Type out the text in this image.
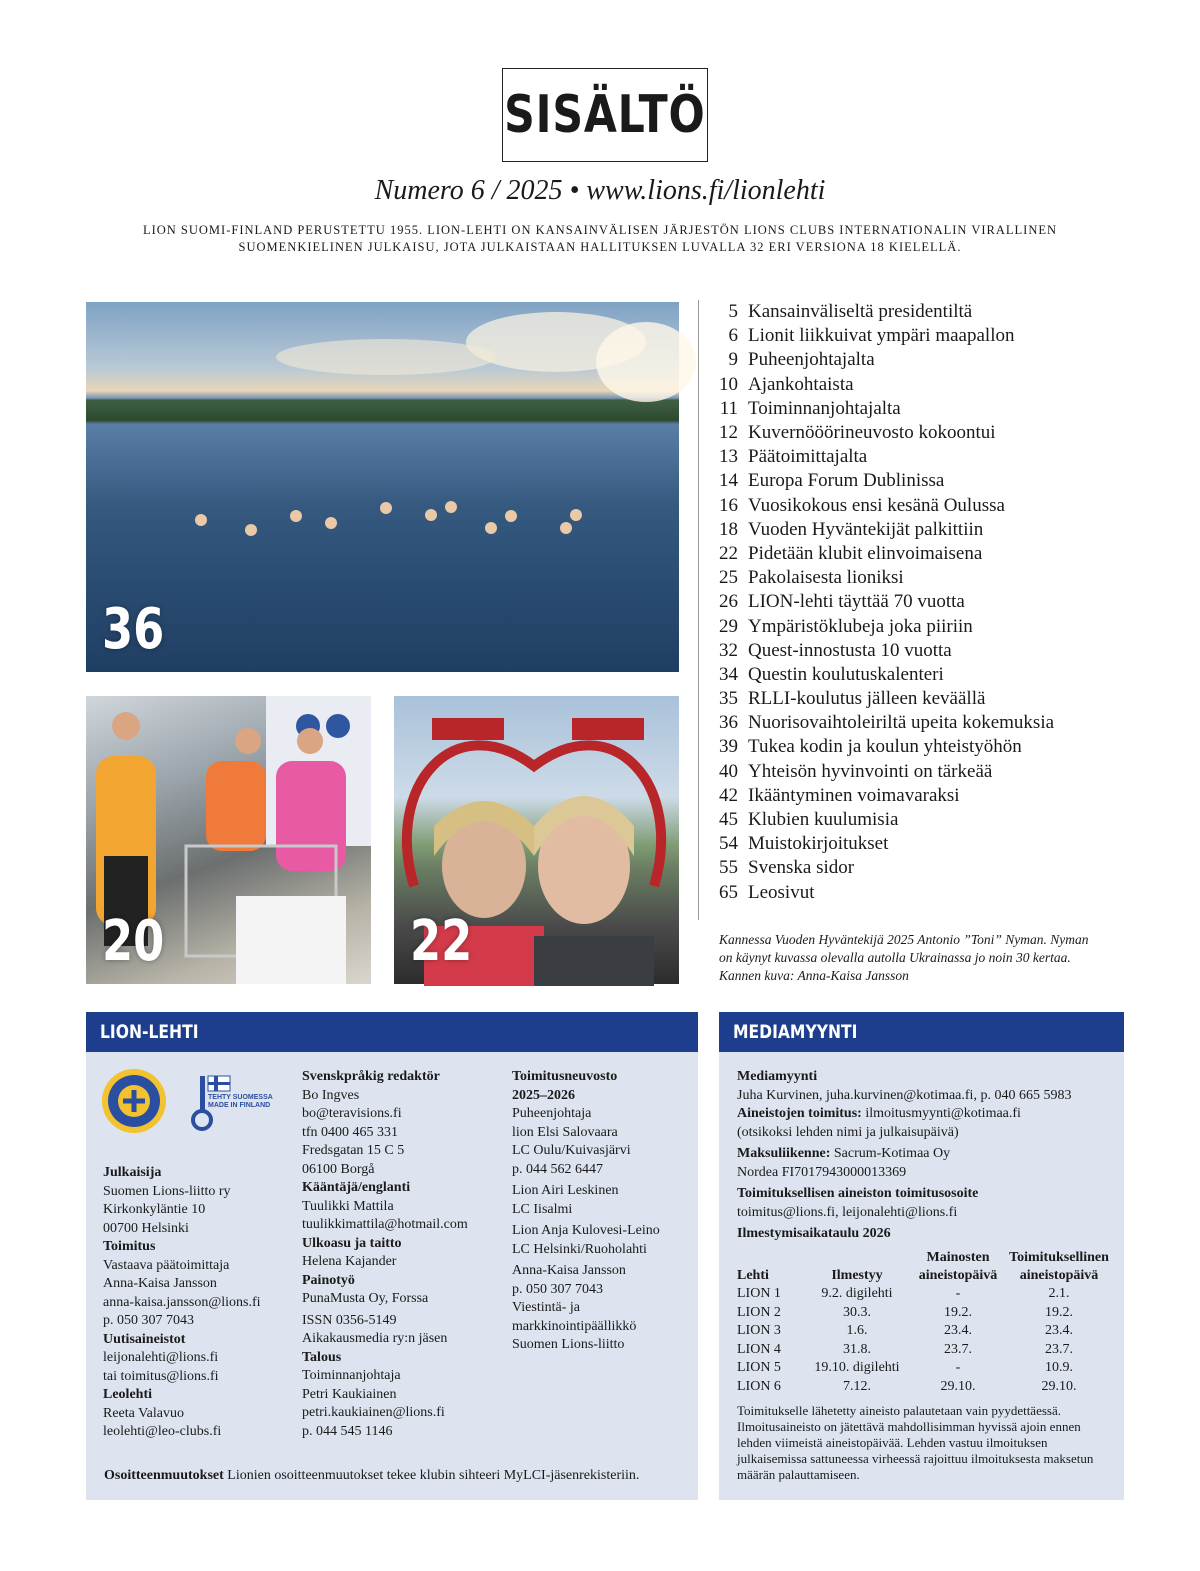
SISÄLTÖ
Numero 6 / 2025 • www.lions.fi/lionlehti
LION SUOMI-FINLAND PERUSTETTU 1955. LION-LEHTI ON KANSAINVÄLISEN JÄRJESTÖN LIONS CLUBS INTERNATIONALIN VIRALLINEN SUOMENKIELINEN JULKAISU, JOTA JULKAISTAAN HALLITUKSEN LUVALLA 32 ERI VERSIONA 18 KIELELLÄ.
36
20	22
5 Kansainväliseltä presidentiltä
6 Lionit liikkuivat ympäri maapallon
9 Puheenjohtajalta
10 Ajankohtaista
11 Toiminnanjohtajalta
12 Kuvernööörineuvosto kokoontui
13 Päätoimittajalta
14 Europa Forum Dublinissa
16 Vuosikokous ensi kesänä Oulussa
18 Vuoden Hyväntekijät palkittiin
22 Pidetään klubit elinvoimaisena
25 Pakolaisesta lioniksi
26 LION-lehti täyttää 70 vuotta
29 Ympäristöklubeja joka piiriin
32 Quest-innostusta 10 vuotta
34 Questin koulutuskalenteri
35 RLLI-koulutus jälleen keväällä
36 Nuorisovaihtoleiriltä upeita kokemuksia
39 Tukea kodin ja koulun yhteistyöhön
40 Yhteisön hyvinvointi on tärkeää
42 Ikääntyminen voimavaraksi
45 Klubien kuulumisia
54 Muistokirjoitukset
55 Svenska sidor
65 Leosivut
Kannessa Vuoden Hyväntekijä 2025 Antonio ”Toni” Nyman. Nyman on käynyt kuvassa olevalla autolla Ukrainassa jo noin 30 kertaa. Kannen kuva: Anna-Kaisa Jansson
LION-LEHTI
TEHTY SUOMESSA
MADE IN FINLAND
Julkaisija
Suomen Lions-liitto ry
Kirkonkyläntie 10
00700 Helsinki
Toimitus
Vastaava päätoimittaja
Anna-Kaisa Jansson
anna-kaisa.jansson@lions.fi
p. 050 307 7043
Uutisaineistot
leijonalehti@lions.fi
tai toimitus@lions.fi
Leolehti
Reeta Valavuo
leolehti@leo-clubs.fi
Svenskpråkig redaktör
Bo Ingves
bo@teravisions.fi
tfn 0400 465 331
Fredsgatan 15 C 5
06100 Borgå
Kääntäjä/englanti
Tuulikki Mattila
tuulikkimattila@hotmail.com
Ulkoasu ja taitto
Helena Kajander
Painotyö
PunaMusta Oy, Forssa
ISSN 0356-5149
Aikakausmedia ry:n jäsen
Talous
Toiminnanjohtaja
Petri Kaukiainen
petri.kaukiainen@lions.fi
p. 044 545 1146
Toimitusneuvosto
2025–2026
Puheenjohtaja
lion Elsi Salovaara
LC Oulu/Kuivasjärvi
p. 044 562 6447
Lion Airi Leskinen
LC Iisalmi
Lion Anja Kulovesi-Leino
LC Helsinki/Ruoholahti
Anna-Kaisa Jansson
p. 050 307 7043
Viestintä- ja
markkinointipäällikkö
Suomen Lions-liitto
Osoitteenmuutokset Lionien osoitteenmuutokset tekee klubin sihteeri MyLCI-jäsenrekisteriin.
MEDIAMYYNTI
Mediamyynti
Juha Kurvinen, juha.kurvinen@kotimaa.fi, p. 040 665 5983
Aineistojen toimitus: ilmoitusmyynti@kotimaa.fi
(otsikoksi lehden nimi ja julkaisupäivä)
Maksuliikenne: Sacrum-Kotimaa Oy
Nordea FI7017943000013369
Toimituksellisen aineiston toimitusosoite
toimitus@lions.fi, leijonalehti@lions.fi
Ilmestymisaikataulu 2026
Lehti	Ilmestyy	Mainosten aineistopäivä	Toimituksellinen aineistopäivä
LION 1	9.2. digilehti	-	2.1.
LION 2	30.3.	19.2.	19.2.
LION 3	1.6.	23.4.	23.4.
LION 4	31.8.	23.7.	23.7.
LION 5	19.10. digilehti	-	10.9.
LION 6	7.12.	29.10.	29.10.
Toimitukselle lähetetty aineisto palautetaan vain pyydettäessä. Ilmoitusaineisto on jätettävä mahdollisimman hyvissä ajoin ennen lehden viimeistä aineistopäivää. Lehden vastuu ilmoituksen julkaisemissa sattuneessa virheessä rajoittuu ilmoituksesta maksetun määrän palauttamiseen.
